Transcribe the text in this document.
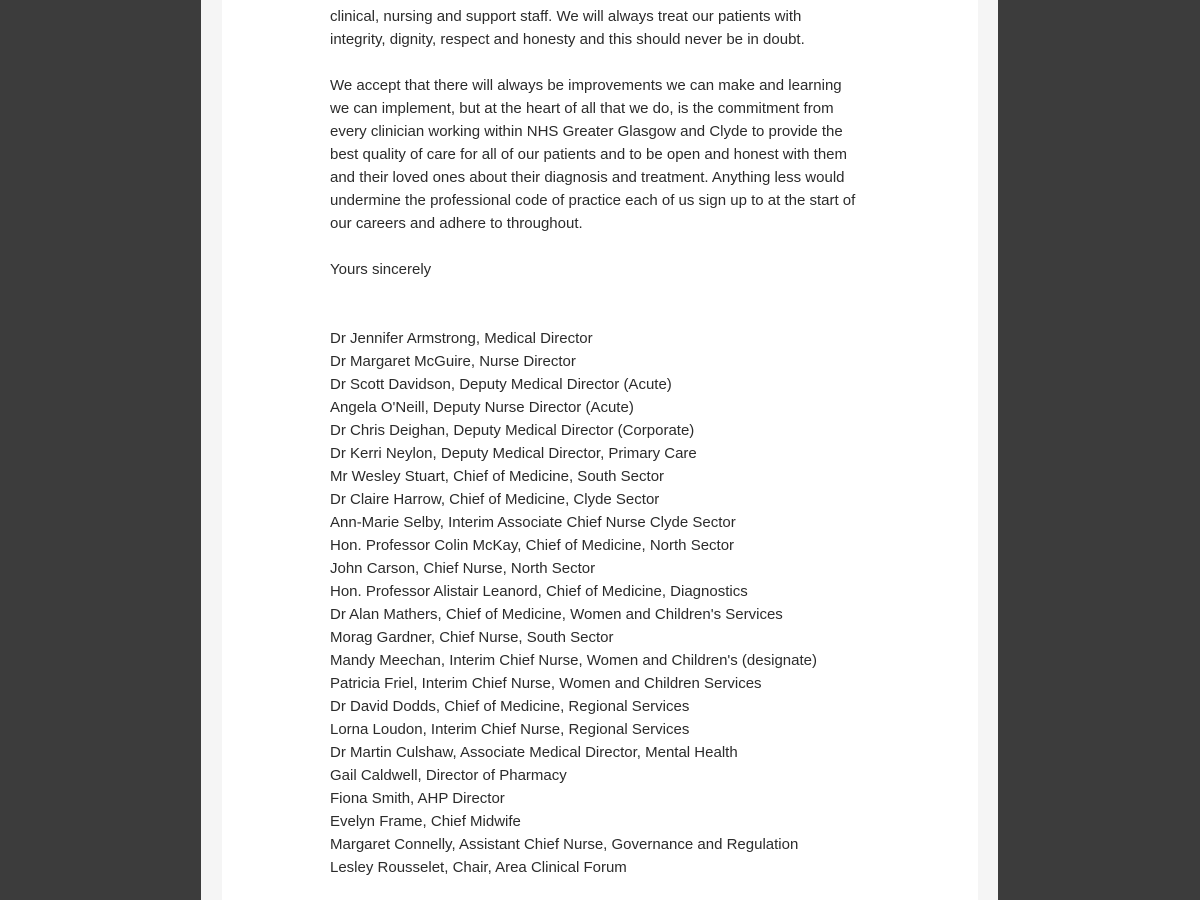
clinical, nursing and support staff. We will always treat our patients with
integrity, dignity, respect and honesty and this should never be in doubt.
We accept that there will always be improvements we can make and learning
we can implement, but at the heart of all that we do, is the commitment from
every clinician working within NHS Greater Glasgow and Clyde to provide the
best quality of care for all of our patients and to be open and honest with them
and their loved ones about their diagnosis and treatment. Anything less would
undermine the professional code of practice each of us sign up to at the start of
our careers and adhere to throughout.
Yours sincerely
Dr Jennifer Armstrong, Medical Director
Dr Margaret McGuire, Nurse Director
Dr Scott Davidson, Deputy Medical Director (Acute)
Angela O'Neill, Deputy Nurse Director (Acute)
Dr Chris Deighan, Deputy Medical Director (Corporate)
Dr Kerri Neylon, Deputy Medical Director, Primary Care
Mr Wesley Stuart, Chief of Medicine, South Sector
Dr Claire Harrow, Chief of Medicine, Clyde Sector
Ann-Marie Selby, Interim Associate Chief Nurse Clyde Sector
Hon. Professor Colin McKay, Chief of Medicine, North Sector
John Carson, Chief Nurse, North Sector
Hon. Professor Alistair Leanord, Chief of Medicine, Diagnostics
Dr Alan Mathers, Chief of Medicine, Women and Children's Services
Morag Gardner, Chief Nurse, South Sector
Mandy Meechan, Interim Chief Nurse, Women and Children's (designate)
Patricia Friel, Interim Chief Nurse, Women and Children Services
Dr David Dodds, Chief of Medicine, Regional Services
Lorna Loudon, Interim Chief Nurse, Regional Services
Dr Martin Culshaw, Associate Medical Director, Mental Health
Gail Caldwell, Director of Pharmacy
Fiona Smith, AHP Director
Evelyn Frame, Chief Midwife
Margaret Connelly, Assistant Chief Nurse, Governance and Regulation
Lesley Rousselet, Chair, Area Clinical Forum
